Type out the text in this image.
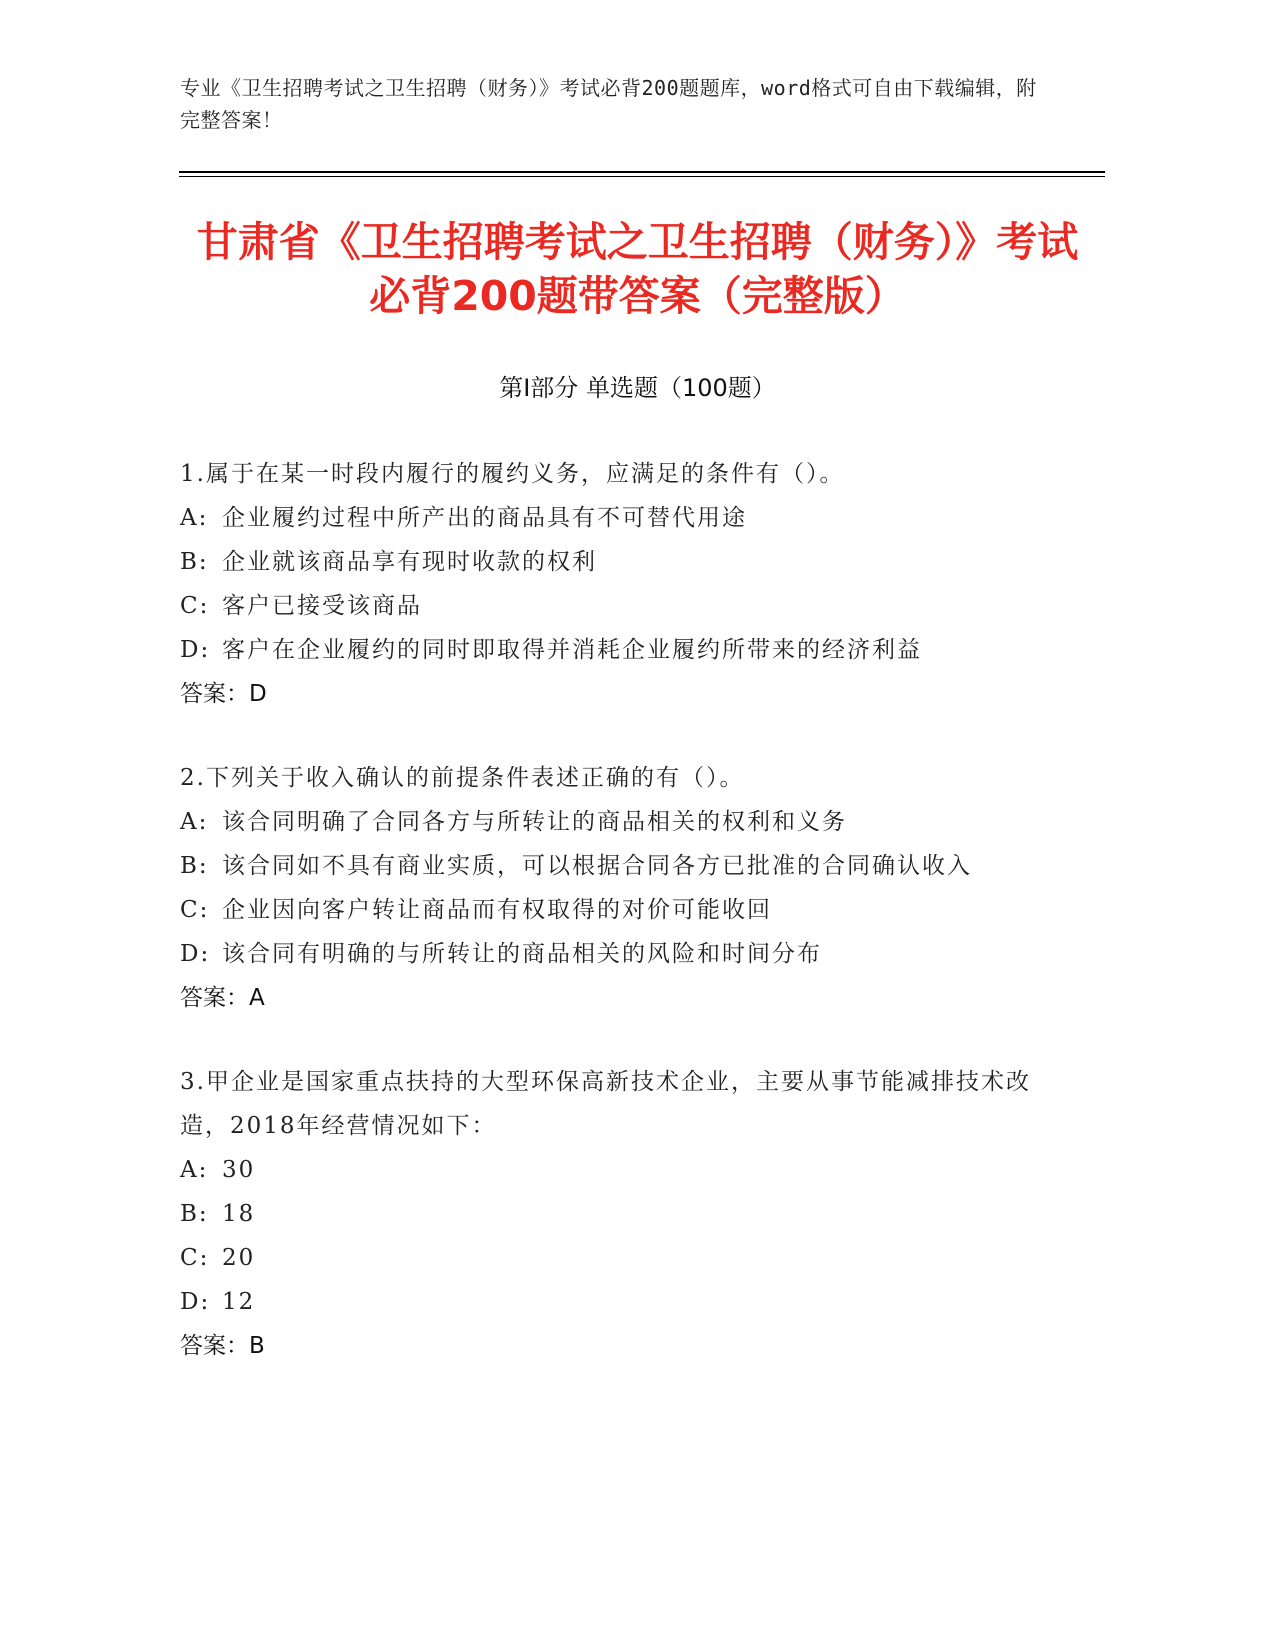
专业《卫生招聘考试之卫生招聘（财务）》考试必背200题题库，word格式可自由下载编辑，附完整答案！
甘肃省《卫生招聘考试之卫生招聘（财务）》考试必背200题带答案（完整版）
第Ⅰ部分 单选题（100题）
1.属于在某一时段内履行的履约义务，应满足的条件有（）。
A: 企业履约过程中所产出的商品具有不可替代用途
B: 企业就该商品享有现时收款的权利
C: 客户已接受该商品
D: 客户在企业履约的同时即取得并消耗企业履约所带来的经济利益
答案：D
2.下列关于收入确认的前提条件表述正确的有（）。
A: 该合同明确了合同各方与所转让的商品相关的权利和义务
B: 该合同如不具有商业实质，可以根据合同各方已批准的合同确认收入
C: 企业因向客户转让商品而有权取得的对价可能收回
D: 该合同有明确的与所转让的商品相关的风险和时间分布
答案：A
3.甲企业是国家重点扶持的大型环保高新技术企业，主要从事节能减排技术改造，2018年经营情况如下：
A: 30
B: 18
C: 20
D: 12
答案：B
